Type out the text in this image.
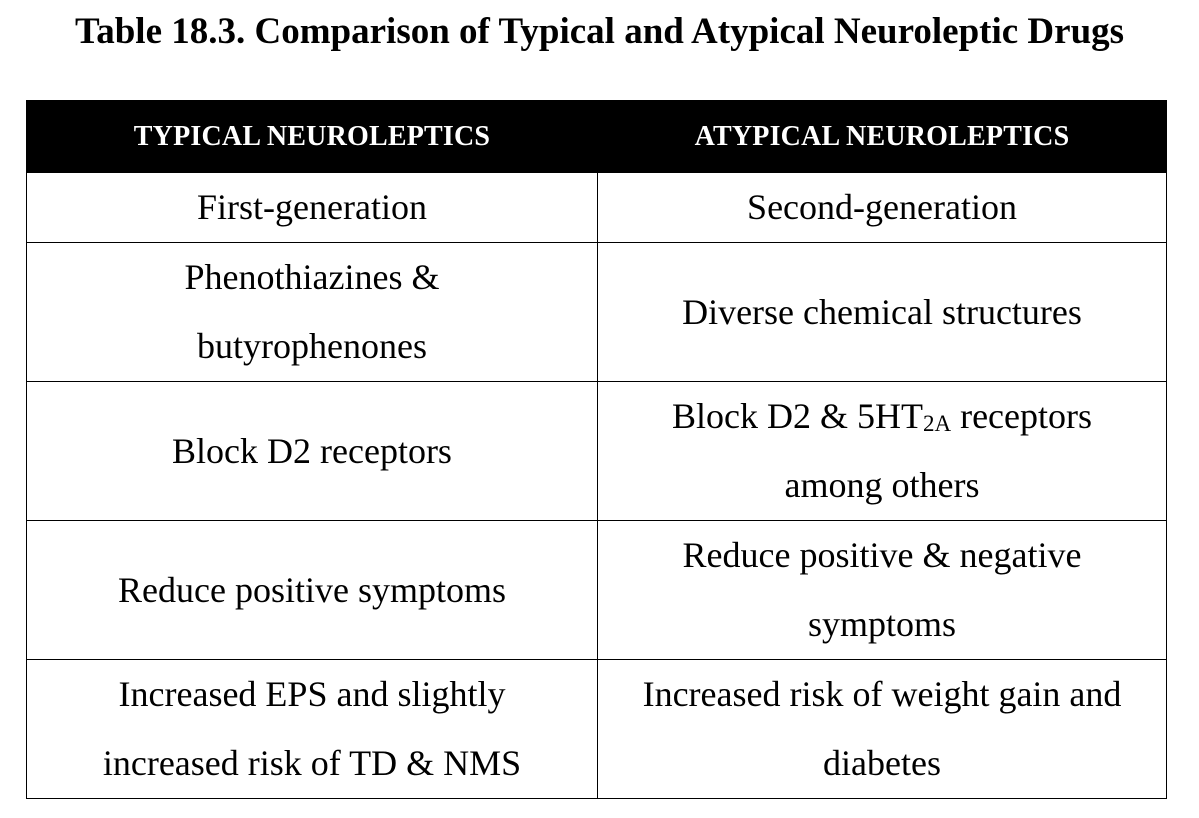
Table 18.3. Comparison of Typical and Atypical Neuroleptic Drugs
TYPICAL NEUROLEPTICS	ATYPICAL NEUROLEPTICS
First-generation	Second-generation

Phenothiazines & butyrophenones	Diverse chemical structures
Block D2 receptors	Block D2 & $5HT_{2A}$ receptors among others

Reduce positive symptoms	Reduce positive & negative symptoms

Increased EPS and slightly increased risk of TD & NMS	Increased risk of weight gain and diabetes
